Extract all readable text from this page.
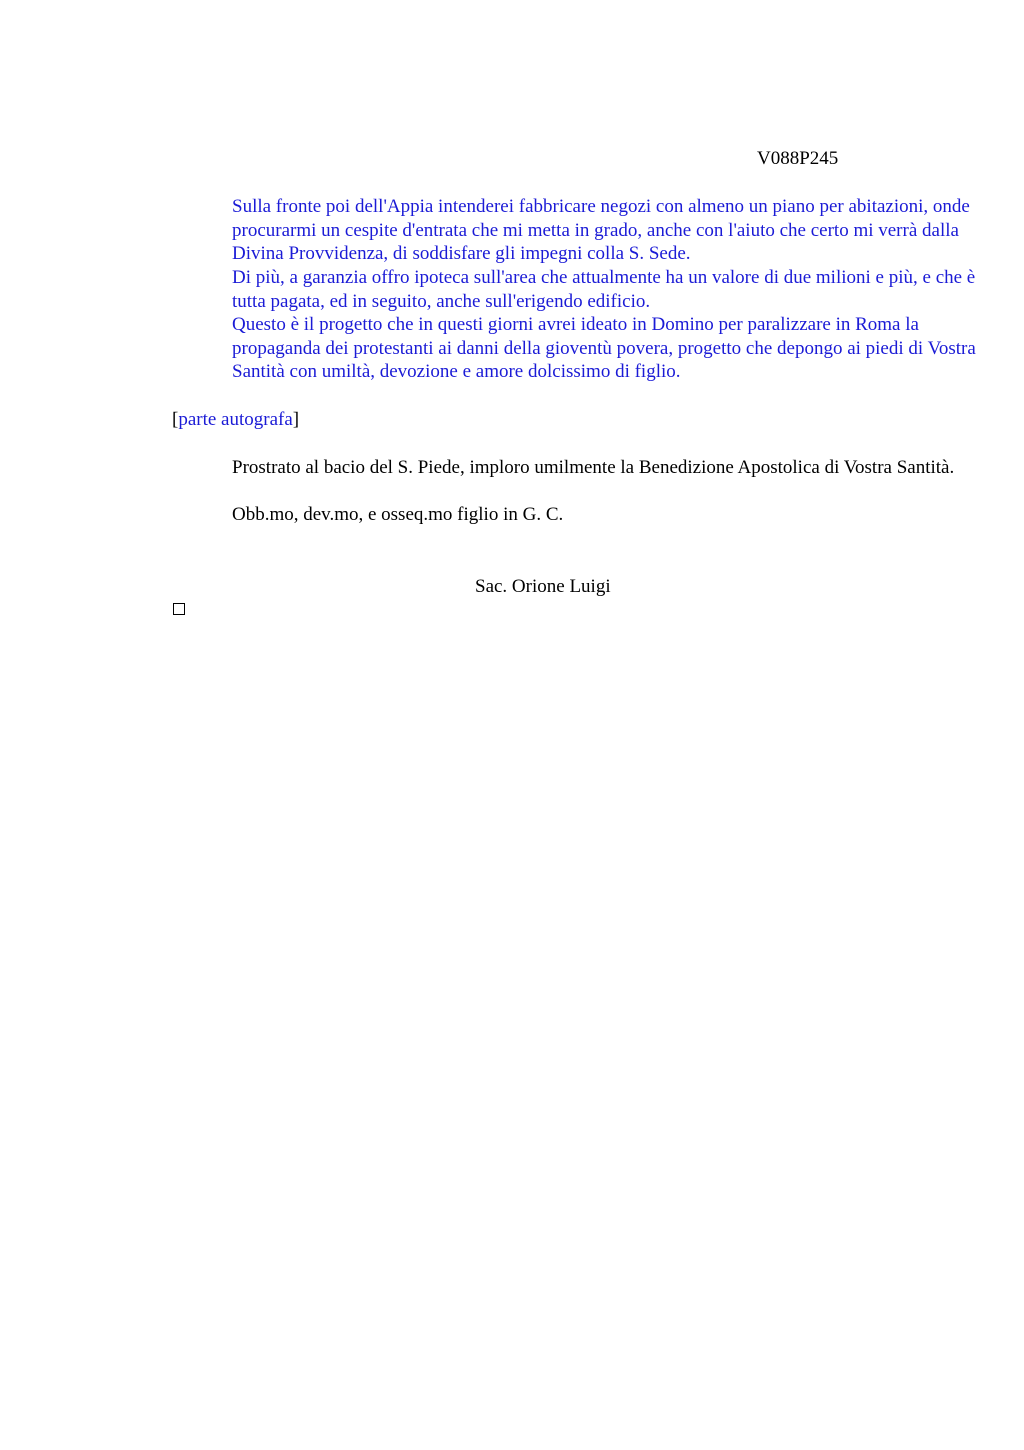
V088P245

Sulla fronte poi dell'Appia intenderei fabbricare negozi con almeno un piano per abitazioni, onde procurarmi un cespite d'entrata che mi metta in grado, anche con l'aiuto che certo mi verrà dalla Divina Provvidenza, di soddisfare gli impegni colla S. Sede.

Di più, a garanzia offro ipoteca sull'area che attualmente ha un valore di due milioni e più, e che è tutta pagata, ed in seguito, anche sull'erigendo edificio.

Questo è il progetto che in questi giorni avrei ideato in Domino per paralizzare in Roma la propaganda dei protestanti ai danni della gioventù povera, progetto che depongo ai piedi di Vostra Santità con umiltà, devozione e amore dolcissimo di figlio.

[parte autografa]

Prostrato al bacio del S. Piede, imploro umilmente la Benedizione Apostolica di Vostra Santità.

Obb.mo, dev.mo, e osseq.mo figlio in G. C.

Sac. Orione Luigi
